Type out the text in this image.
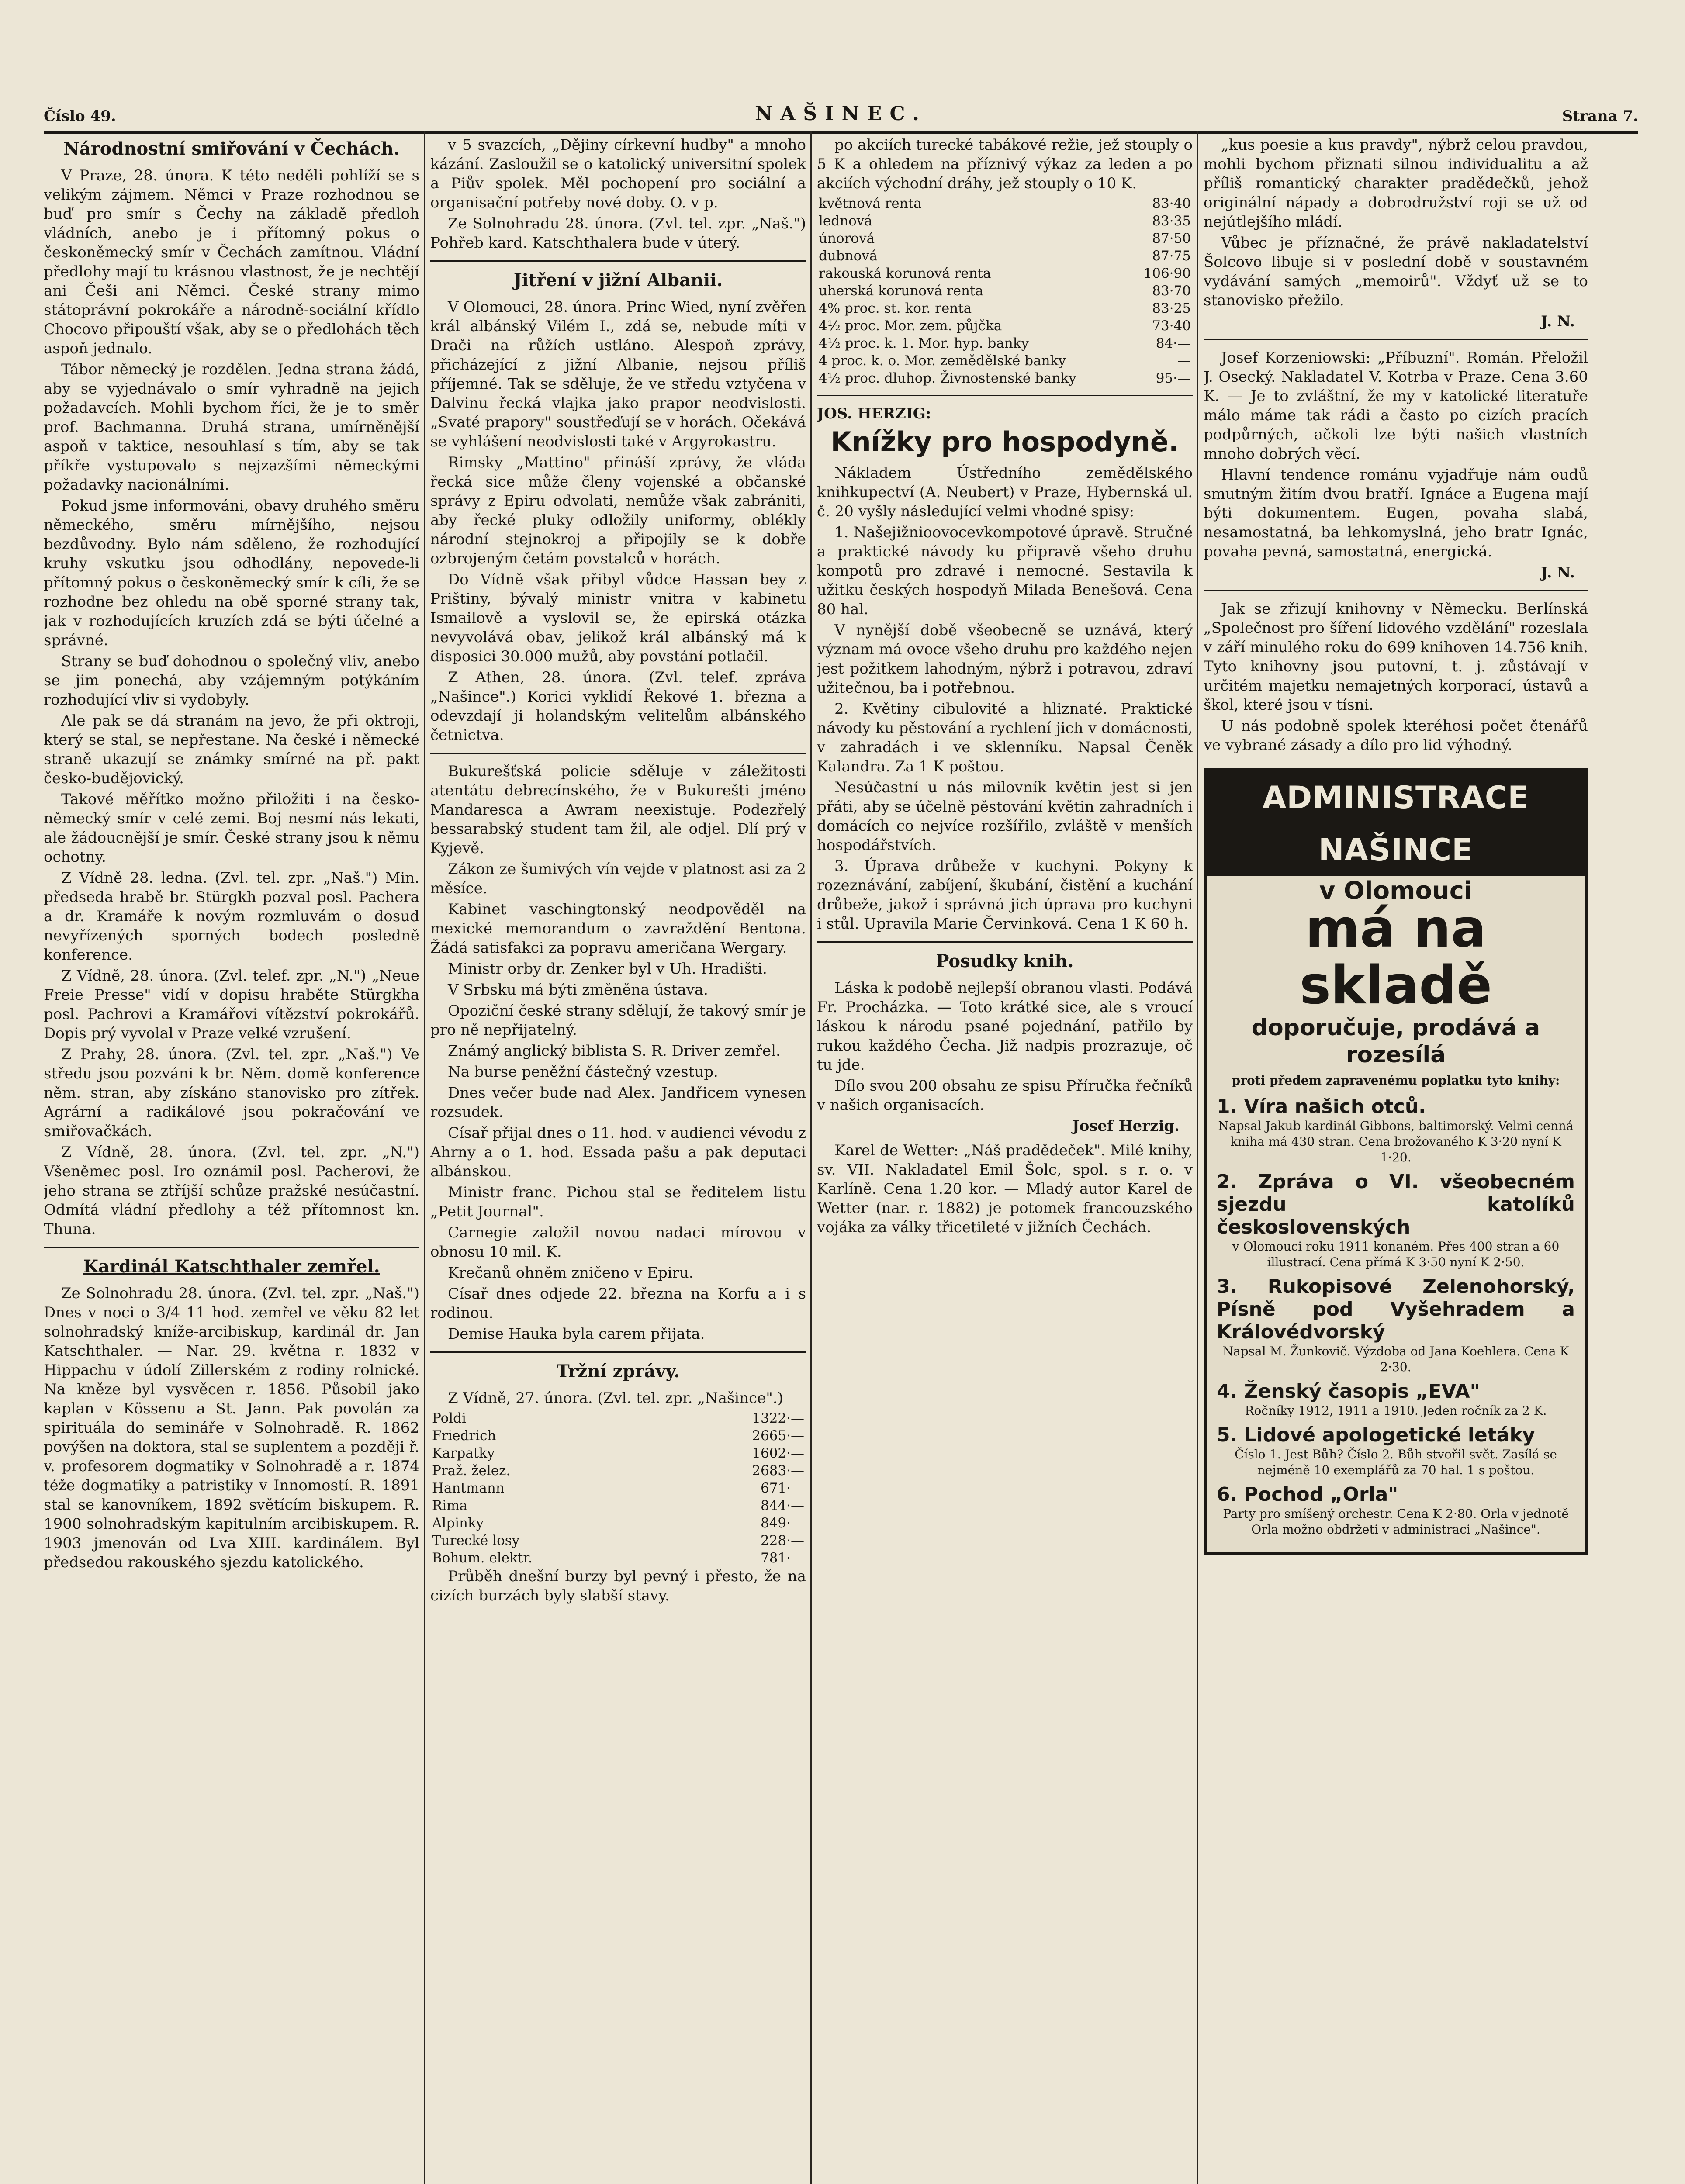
Číslo 49.	NAŠINEC.	Strana 7.
Národnostní smiřování v Čechách.

V Praze, 28. února. K této neděli pohlíží se s velikým zájmem. Němci v Praze rozhodnou se buď pro smír s Čechy na základě předloh vládních, anebo je i přítomný pokus o českoněmecký smír v Čechách zamítnou. Vládní předlohy mají tu krásnou vlastnost, že je nechtějí ani Češi ani Němci. České strany mimo státoprávní pokrokáře a národně-sociální křídlo Chocovo připouští však, aby se o předlohách těch aspoň jednalo.

Tábor německý je rozdělen. Jedna strana žádá, aby se vyjednávalo o smír vyhradně na jejich požadavcích. Mohli bychom říci, že je to směr prof. Bachmanna. Druhá strana, umírněnější aspoň v taktice, nesouhlasí s tím, aby se tak příkře vystupovalo s nejzazšími německými požadavky nacionálními.

Pokud jsme informováni, obavy druhého směru německého, směru mírnějšího, nejsou bezdůvodny. Bylo nám sděleno, že rozhodující kruhy vskutku jsou odhodlány, nepovede-li přítomný pokus o českoněmecký smír k cíli, že se rozhodne bez ohledu na obě sporné strany tak, jak v rozhodujících kruzích zdá se býti účelné a správné.

Strany se buď dohodnou o společný vliv, anebo se jim ponechá, aby vzájemným potýkáním rozhodující vliv si vydobyly.

Ale pak se dá stranám na jevo, že při oktroji, který se stal, se nepřestane. Na české i německé straně ukazují se známky smírné na př. pakt česko-budějovický.

Takové měřítko možno přiložiti i na česko-německý smír v celé zemi. Boj nesmí nás lekati, ale žádoucnější je smír. České strany jsou k němu ochotny.

Z Vídně 28. ledna. (Zvl. tel. zpr. „Naš.") Min. předseda hrabě br. Stürgkh pozval posl. Pachera a dr. Kramáře k novým rozmluvám o dosud nevyřízených sporných bodech posledně konference.

Z Vídně, 28. února. (Zvl. telef. zpr. „N.") „Neue Freie Presse" vidí v dopisu hraběte Stürgkha posl. Pachrovi a Kramářovi vítězství pokrokářů. Dopis prý vyvolal v Praze velké vzrušení.

Z Prahy, 28. února. (Zvl. tel. zpr. „Naš.") Ve středu jsou pozváni k br. Něm. domě konference něm. stran, aby získáno stanovisko pro zítřek. Agrární a radikálové jsou pokračování ve smiřovačkách.

Z Vídně, 28. února. (Zvl. tel. zpr. „N.") Všeněmec posl. Iro oznámil posl. Pacherovi, že jeho strana se ztříjší schůze pražské nesúčastní. Odmítá vládní předlohy a též přítomnost kn. Thuna.

Kardinál Katschthaler zemřel.

Ze Solnohradu 28. února. (Zvl. tel. zpr. „Naš.") Dnes v noci o 3/4 11 hod. zemřel ve věku 82 let solnohradský kníže-arcibiskup, kardinál dr. Jan Katschthaler. — Nar. 29. května r. 1832 v Hippachu v údolí Zillerském z rodiny rolnické. Na kněze byl vysvěcen r. 1856. Působil jako kaplan v Kössenu a St. Jann. Pak povolán za spirituála do semináře v Solnohradě. R. 1862 povýšen na doktora, stal se suplentem a později ř. v. profesorem dogmatiky v Solnohradě a r. 1874 téže dogmatiky a patristiky v Innomostí. R. 1891 stal se kanovníkem, 1892 světícím biskupem. R. 1900 solnohradským kapitulním arcibiskupem. R. 1903 jmenován od Lva XIII. kardinálem. Byl předsedou rakouského sjezdu katolického.

v 5 svazcích, „Dějiny církevní hudby" a mnoho kázání. Zasloužil se o katolický universitní spolek a Piův spolek. Měl pochopení pro sociální a organisační potřeby nové doby. O. v p.

Ze Solnohradu 28. února. (Zvl. tel. zpr. „Naš.") Pohřeb kard. Katschthalera bude v úterý.

Jitření v jižní Albanii.

V Olomouci, 28. února. Princ Wied, nyní zvěřen král albánský Vilém I., zdá se, nebude míti v Drači na růžích ustláno. Alespoň zprávy, přicházející z jižní Albanie, nejsou příliš příjemné. Tak se sděluje, že ve středu vztyčena v Dalvinu řecká vlajka jako prapor neodvislosti. „Svaté prapory" soustřeďují se v horách. Očekává se vyhlášení neodvislosti také v Argyrokastru.

Rimsky „Mattino" přináší zprávy, že vláda řecká sice může členy vojenské a občanské správy z Epiru odvolati, nemůže však zabrániti, aby řecké pluky odložily uniformy, oblékly národní stejnokroj a připojily se k dobře ozbrojeným četám povstalců v horách.

Do Vídně však přibyl vůdce Hassan bey z Prištiny, bývalý ministr vnitra v kabinetu Ismailově a vyslovil se, že epirská otázka nevyvolává obav, jelikož král albánský má k disposici 30.000 mužů, aby povstání potlačil.

Z Athen, 28. února. (Zvl. telef. zpráva „Našince".) Korici vyklidí Řekové 1. března a odevzdají ji holandským velitelům albánského četnictva.

Bukurešťská policie sděluje v záležitosti atentátu debrecínského, že v Bukurešti jméno Mandaresca a Awram neexistuje. Podezřelý bessarabský student tam žil, ale odjel. Dlí prý v Kyjevě.

Zákon ze šumivých vín vejde v platnost asi za 2 měsíce.

Kabinet vaschingtonský neodpověděl na mexické memorandum o zavraždění Bentona. Žádá satisfakci za popravu američana Wergary.

Ministr orby dr. Zenker byl v Uh. Hradišti.

V Srbsku má býti změněna ústava.

Opoziční české strany sdělují, že takový smír je pro ně nepřijatelný.

Známý anglický biblista S. R. Driver zemřel.

Na burse peněžní částečný vzestup.

Dnes večer bude nad Alex. Jandřicem vynesen rozsudek.

Císař přijal dnes o 11. hod. v audienci vévodu z Ahrny a o 1. hod. Essada pašu a pak deputaci albánskou.

Ministr franc. Pichou stal se ředitelem listu „Petit Journal".

Carnegie založil novou nadaci mírovou v obnosu 10 mil. K.

Krečanů ohněm zničeno v Epiru.

Císař dnes odjede 22. března na Korfu a i s rodinou.

Demise Hauka byla carem přijata.

Tržní zprávy.

Z Vídně, 27. února. (Zvl. tel. zpr. „Našince".)

Poldi	1322·—
Friedrich	2665·—
Karpatky	1602·—
Praž. želez.	2683·—
Hantmann	671·—
Rima	844·—
Alpinky	849·—
Turecké losy	228·—
Bohum. elektr.	781·—

Průběh dnešní burzy byl pevný i přesto, že na cizích burzách byly slabší stavy.

po akciích turecké tabákové režie, jež stouply o 5 K a ohledem na příznivý výkaz za leden a po akciích východní dráhy, jež stouply o 10 K.

květnová renta	83·40
lednová	83·35
únorová	87·50
dubnová	87·75
rakouská korunová renta	106·90
uherská korunová renta	83·70
4% proc. st. kor. renta	83·25
4½ proc. Mor. zem. půjčka	73·40
4½ proc. k. 1. Mor. hyp. banky	84·—
4 proc. k. o. Mor. zemědělské banky	—
4½ proc. dluhop. Živnostenské banky	95·—
JOS. HERZIG:
Knížky pro hospodyně.

Nákladem Ústředního zemědělského knihkupectví (A. Neubert) v Praze, Hybernská ul. č. 20 vyšly následující velmi vhodné spisy:

1. Našejižnioovocevkompotové úpravě. Stručné a praktické návody ku připravě všeho druhu kompotů pro zdravé i nemocné. Sestavila k užitku českých hospodyň Milada Benešová. Cena 80 hal.

V nynější době všeobecně se uznává, který význam má ovoce všeho druhu pro každého nejen jest požitkem lahodným, nýbrž i potravou, zdraví užitečnou, ba i potřebnou.

2. Květiny cibulovité a hliznaté. Praktické návody ku pěstování a rychlení jich v domácnosti, v zahradách i ve sklenníku. Napsal Čeněk Kalandra. Za 1 K poštou.

Nesúčastní u nás milovník květin jest si jen přáti, aby se účelně pěstování květin zahradních i domácích co nejvíce rozšířilo, zvláště v menších hospodářstvích.

3. Úprava drůbeže v kuchyni. Pokyny k rozeznávání, zabíjení, škubání, čistění a kuchání drůbeže, jakož i správná jich úprava pro kuchyni i stůl. Upravila Marie Červinková. Cena 1 K 60 h.

Posudky knih.

Láska k podobě nejlepší obranou vlasti. Podává Fr. Procházka. — Toto krátké sice, ale s vroucí láskou k národu psané pojednání, patřilo by rukou každého Čecha. Již nadpis prozrazuje, oč tu jde.

Dílo svou 200 obsahu ze spisu Příručka řečníků v našich organisacích.

Josef Herzig.

Karel de Wetter: „Náš pradědeček". Milé knihy, sv. VII. Nakladatel Emil Šolc, spol. s r. o. v Karlíně. Cena 1.20 kor. — Mladý autor Karel de Wetter (nar. r. 1882) je potomek francouzského vojáka za války třicetileté v jižních Čechách.

„kus poesie a kus pravdy", nýbrž celou pravdou, mohli bychom přiznati silnou individualitu a až příliš romantický charakter pradědečků, jehož originální nápady a dobrodružství roji se už od nejútlejšího mládí.

Vůbec je příznačné, že právě nakladatelství Šolcovo libuje si v poslední době v soustavném vydávání samých „memoirů". Vždyť už se to stanovisko přežilo.

J. N.

Josef Korzeniowski: „Příbuzní". Román. Přeložil J. Osecký. Nakladatel V. Kotrba v Praze. Cena 3.60 K. — Je to zvláštní, že my v katolické literatuře málo máme tak rádi a často po cizích pracích podpůrných, ačkoli lze býti našich vlastních mnoho dobrých věcí.

Hlavní tendence románu vyjadřuje nám oudů smutným žitím dvou bratří. Ignáce a Eugena mají býti dokumentem. Eugen, povaha slabá, nesamostatná, ba lehkomyslná, jeho bratr Ignác, povaha pevná, samostatná, energická.

J. N.

Jak se zřizují knihovny v Německu. Berlínská „Společnost pro šíření lidového vzdělání" rozeslala v září minulého roku do 699 knihoven 14.756 knih. Tyto knihovny jsou putovní, t. j. zůstávají v určitém majetku nemajetných korporací, ústavů a škol, které jsou v tísni.

U nás podobně spolek kteréhosi počet čtenářů ve vybrané zásady a dílo pro lid výhodný.

ADMINISTRACE NAŠINCE
v Olomouci
má na skladě
doporučuje, prodává a rozesílá
proti předem zapravenému poplatku tyto knihy:
1. Víra našich otců.
Napsal Jakub kardinál Gibbons, baltimorský. Velmi cenná kniha má 430 stran. Cena brožovaného K 3·20 nyní K 1·20.
2. Zpráva o VI. všeobecném sjezdu katolíků československých
v Olomouci roku 1911 konaném. Přes 400 stran a 60 illustrací. Cena přímá K 3·50 nyní K 2·50.
3. Rukopisové Zelenohorský, Písně pod Vyšehradem a Královédvorský
Napsal M. Žunkovič. Výzdoba od Jana Koehlera. Cena K 2·30.
4. Ženský časopis „EVA"
Ročníky 1912, 1911 a 1910. Jeden ročník za 2 K.
5. Lidové apologetické letáky
Číslo 1. Jest Bůh? Číslo 2. Bůh stvořil svět. Zasílá se nejméně 10 exemplářů za 70 hal. 1 s poštou.
6. Pochod „Orla"
Party pro smíšený orchestr. Cena K 2·80. Orla v jednotě Orla možno obdržeti v administraci „Našince".
